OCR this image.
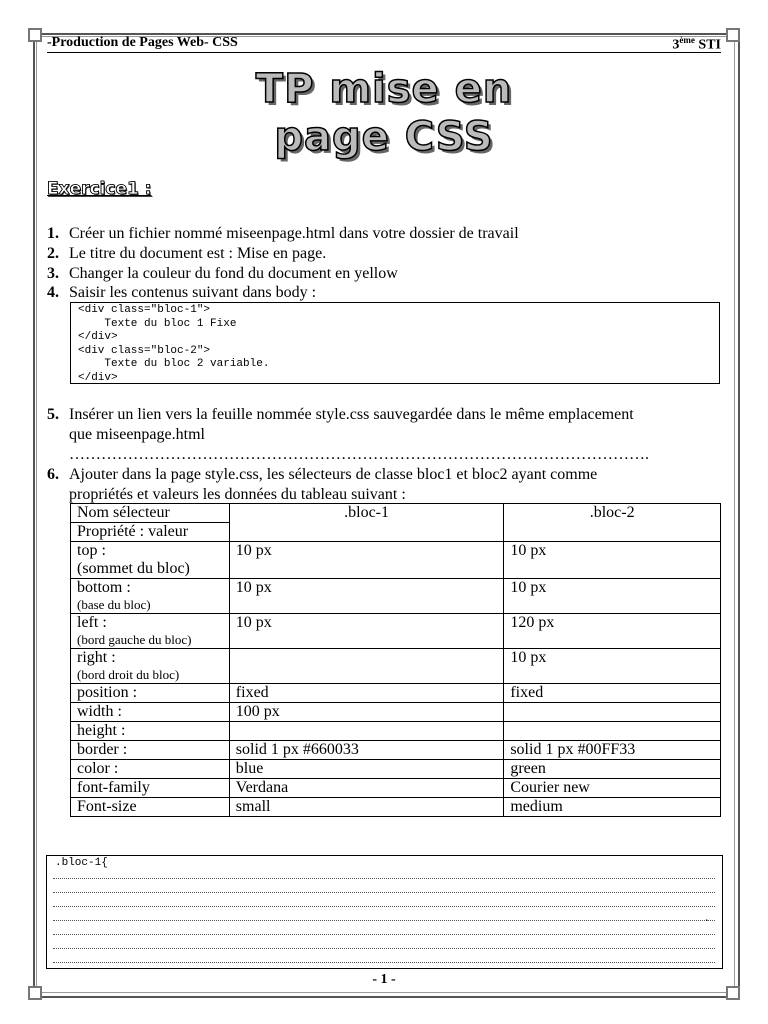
-Production de Pages Web- CSS	3ème STI
TP mise en
page CSS
Exercice1 :
1. Créer un fichier nommé miseenpage.html dans votre dossier de travail
2. Le titre du document est : Mise en page.
3. Changer la couleur du fond du document en yellow
4. Saisir les contenus suivant dans body :
<div class="bloc-1">
Texte du bloc 1 Fixe
</div>
<div class="bloc-2">
Texte du bloc 2 variable.
</div>
5. Insérer un lien vers la feuille nommée style.css sauvegardée dans le même emplacement
que miseenpage.html
……………………………………………………………………………………………….
6. Ajouter dans la page style.css, les sélecteurs de classe bloc1 et bloc2 ayant comme
propriétés et valeurs les données du tableau suivant :
Nom sélecteur	.bloc-1	.bloc-2
Propriété : valeur		

top :
(sommet du bloc)	10 px	10 px

bottom :
(base du bloc)	10 px	10 px

left :
(bord gauche du bloc)	10 px	120 px

right :
(bord droit du bloc)		10 px

position :	fixed	fixed

width :	100 px	

height :		

border :	solid 1 px #660033	solid 1 px #00FF33

color :	blue	green

font-family	Verdana	Courier new

Font-size	small	medium
.bloc-1{
.
- 1 -
